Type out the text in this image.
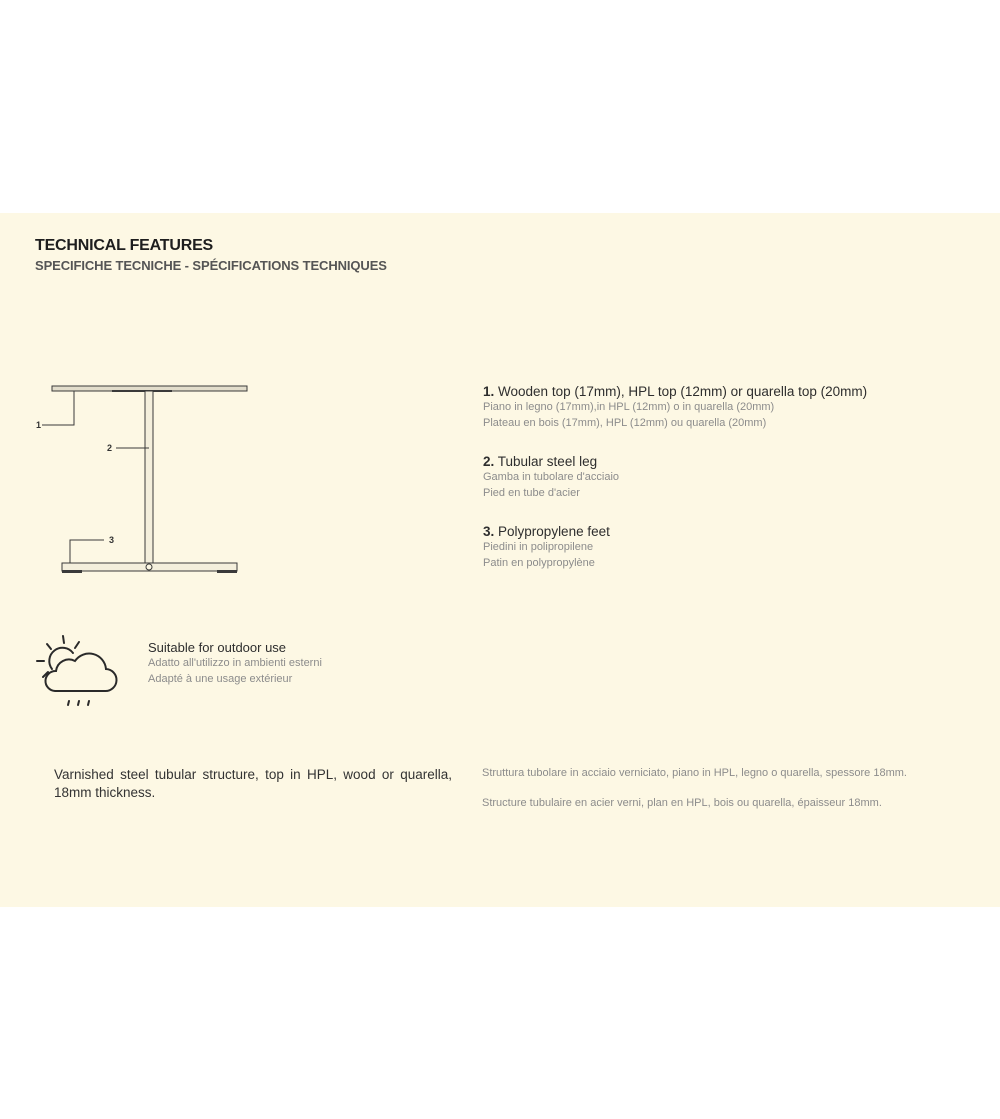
TECHNICAL FEATURES
SPECIFICHE TECNICHE - SPÉCIFICATIONS TECHNIQUES
1
2
3
1. Wooden top (17mm), HPL top (12mm) or quarella top (20mm)
Piano in legno (17mm),in HPL (12mm) o in quarella (20mm)
Plateau en bois (17mm), HPL (12mm) ou quarella (20mm)
2. Tubular steel leg
Gamba in tubolare d'acciaio
Pied en tube d'acier
3. Polypropylene feet
Piedini in polipropilene
Patin en polypropylène
Suitable for outdoor use
Adatto all'utilizzo in ambienti esterni
Adapté à une usage extérieur
Varnished steel tubular structure, top in HPL, wood or quarella, 18mm thickness.
Struttura tubolare in acciaio verniciato, piano in HPL, legno o quarella, spessore 18mm.
Structure tubulaire en acier verni, plan en HPL, bois ou quarella, épaisseur 18mm.
